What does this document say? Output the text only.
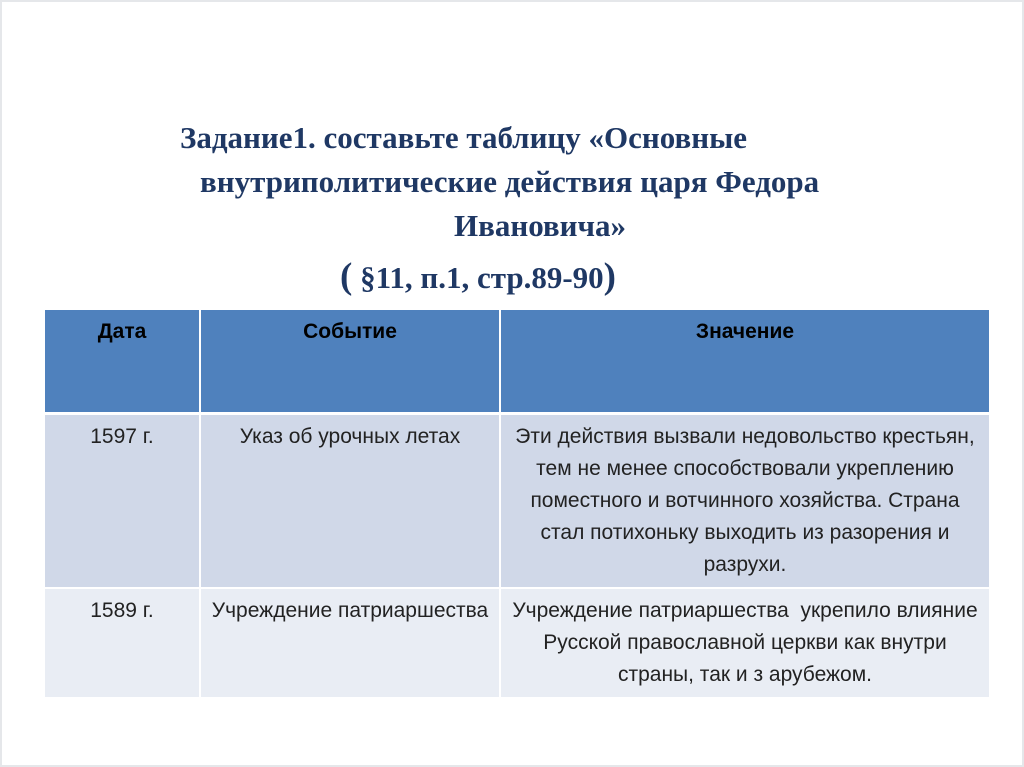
Задание1. составьте таблицу «Основные
внутриполитические действия царя Федора
Ивановича»
( §11, п.1, стр.89-90)
Дата	Событие	Значение
1597 г.	Указ об урочных летах	Эти действия вызвали недовольство крестьян, тем не менее способствовали укреплению поместного и вотчинного хозяйства. Страна стал потихоньку выходить из разорения и разрухи.
1589 г.	Учреждение патриаршества	Учреждение патриаршества  укрепило влияние  Русской православной церкви как внутри страны, так и з арубежом.
